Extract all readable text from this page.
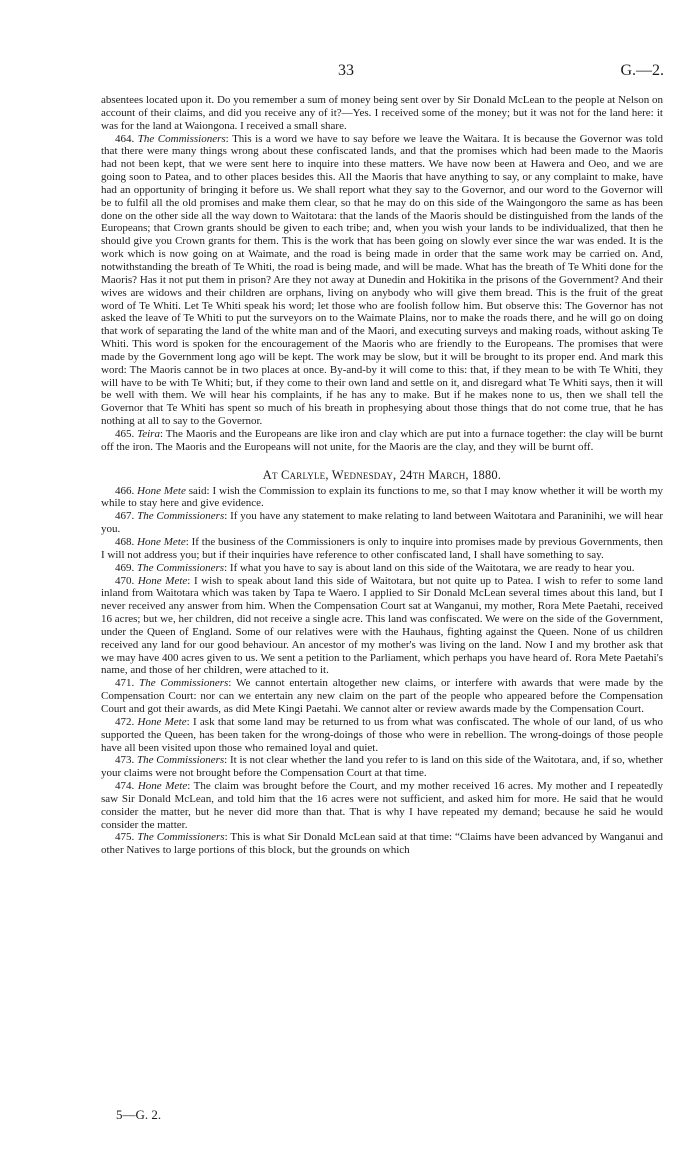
33	G.—2.

absentees located upon it. Do you remember a sum of money being sent over by Sir Donald McLean to the people at Nelson on account of their claims, and did you receive any of it?—Yes. I received some of the money; but it was not for the land here: it was for the land at Waiongona. I received a small share.

464. The Commissioners: This is a word we have to say before we leave the Waitara. It is because the Governor was told that there were many things wrong about these confiscated lands, and that the promises which had been made to the Maoris had not been kept, that we were sent here to inquire into these matters. We have now been at Hawera and Oeo, and we are going soon to Patea, and to other places besides this. All the Maoris that have anything to say, or any complaint to make, have had an opportunity of bringing it before us. We shall report what they say to the Governor, and our word to the Governor will be to fulfil all the old promises and make them clear, so that he may do on this side of the Waingongoro the same as has been done on the other side all the way down to Waitotara: that the lands of the Maoris should be distinguished from the lands of the Europeans; that Crown grants should be given to each tribe; and, when you wish your lands to be individualized, that then he should give you Crown grants for them. This is the work that has been going on slowly ever since the war was ended. It is the work which is now going on at Waimate, and the road is being made in order that the same work may be carried on. And, notwithstanding the breath of Te Whiti, the road is being made, and will be made. What has the breath of Te Whiti done for the Maoris? Has it not put them in prison? Are they not away at Dunedin and Hokitika in the prisons of the Government? And their wives are widows and their children are orphans, living on anybody who will give them bread. This is the fruit of the great word of Te Whiti. Let Te Whiti speak his word; let those who are foolish follow him. But observe this: The Governor has not asked the leave of Te Whiti to put the surveyors on to the Waimate Plains, nor to make the roads there, and he will go on doing that work of separating the land of the white man and of the Maori, and executing surveys and making roads, without asking Te Whiti. This word is spoken for the encouragement of the Maoris who are friendly to the Europeans. The promises that were made by the Government long ago will be kept. The work may be slow, but it will be brought to its proper end. And mark this word: The Maoris cannot be in two places at once. By-and-by it will come to this: that, if they mean to be with Te Whiti, they will have to be with Te Whiti; but, if they come to their own land and settle on it, and disregard what Te Whiti says, then it will be well with them. We will hear his complaints, if he has any to make. But if he makes none to us, then we shall tell the Governor that Te Whiti has spent so much of his breath in prophesying about those things that do not come true, that he has nothing at all to say to the Governor.

465. Teira: The Maoris and the Europeans are like iron and clay which are put into a furnace together: the clay will be burnt off the iron. The Maoris and the Europeans will not unite, for the Maoris are the clay, and they will be burnt off.

At Carlyle, Wednesday, 24th March, 1880.

466. Hone Mete said: I wish the Commission to explain its functions to me, so that I may know whether it will be worth my while to stay here and give evidence.

467. The Commissioners: If you have any statement to make relating to land between Waitotara and Paraninihi, we will hear you.

468. Hone Mete: If the business of the Commissioners is only to inquire into promises made by previous Governments, then I will not address you; but if their inquiries have reference to other confiscated land, I shall have something to say.

469. The Commissioners: If what you have to say is about land on this side of the Waitotara, we are ready to hear you.

470. Hone Mete: I wish to speak about land this side of Waitotara, but not quite up to Patea. I wish to refer to some land inland from Waitotara which was taken by Tapa te Waero. I applied to Sir Donald McLean several times about this land, but I never received any answer from him. When the Compensation Court sat at Wanganui, my mother, Rora Mete Paetahi, received 16 acres; but we, her children, did not receive a single acre. This land was confiscated. We were on the side of the Government, under the Queen of England. Some of our relatives were with the Hauhaus, fighting against the Queen. None of us children received any land for our good behaviour. An ancestor of my mother's was living on the land. Now I and my brother ask that we may have 400 acres given to us. We sent a petition to the Parliament, which perhaps you have heard of. Rora Mete Paetahi's name, and those of her children, were attached to it.

471. The Commissioners: We cannot entertain altogether new claims, or interfere with awards that were made by the Compensation Court: nor can we entertain any new claim on the part of the people who appeared before the Compensation Court and got their awards, as did Mete Kingi Paetahi. We cannot alter or review awards made by the Compensation Court.

472. Hone Mete: I ask that some land may be returned to us from what was confiscated. The whole of our land, of us who supported the Queen, has been taken for the wrong-doings of those who were in rebellion. The wrong-doings of those people have all been visited upon those who remained loyal and quiet.

473. The Commissioners: It is not clear whether the land you refer to is land on this side of the Waitotara, and, if so, whether your claims were not brought before the Compensation Court at that time.

474. Hone Mete: The claim was brought before the Court, and my mother received 16 acres. My mother and I repeatedly saw Sir Donald McLean, and told him that the 16 acres were not sufficient, and asked him for more. He said that he would consider the matter, but he never did more than that. That is why I have repeated my demand; because he said he would consider the matter.

475. The Commissioners: This is what Sir Donald McLean said at that time: “Claims have been advanced by Wanganui and other Natives to large portions of this block, but the grounds on which

5—G. 2.
